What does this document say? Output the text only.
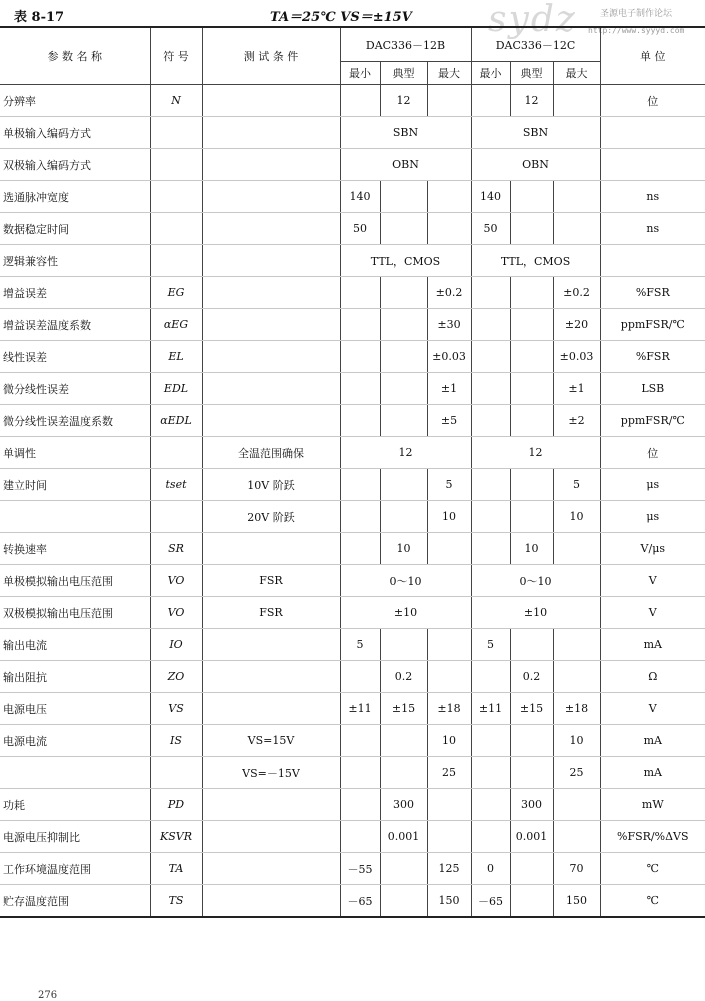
表 8-17	TA＝25℃ VS＝±15V sydz	圣源电子制作论坛
http://www.syyyd.com
参 数 名 称	符 号	测 试 条 件	DAC336－12B			DAC336－12C			单 位
			最小	典型	最大	最小	典型	最大	
分辨率	N			12			12		位
单极输入编码方式			SBN			SBN			
双极输入编码方式			OBN			OBN			
选通脉冲宽度			140			140			ns
数据稳定时间			50			50			ns
逻辑兼容性			TTL，CMOS			TTL，CMOS			
增益误差	EG				±0.2			±0.2	%FSR
增益误差温度系数	αEG				±30			±20	ppmFSR/℃
线性误差	EL				±0.03			±0.03	%FSR
微分线性误差	EDL				±1			±1	LSB
微分线性误差温度系数	αEDL				±5			±2	ppmFSR/℃
单调性		全温范围确保	12			12			位
建立时间	tset	10V 阶跃			5			5	μs
		20V 阶跃			10			10	μs
转换速率	SR			10			10		V/μs
单极模拟输出电压范围	VO	FSR	0～10			0～10			V
双极模拟输出电压范围	VO	FSR	±10			±10			V
输出电流	IO		5			5			mA
输出阻抗	ZO			0.2			0.2		Ω
电源电压	VS		±11	±15	±18	±11	±15	±18	V
电源电流	IS	VS=15V			10			10	mA
		VS=－15V			25			25	mA
功耗	PD			300			300		mW
电源电压抑制比	KSVR			0.001			0.001		%FSR/%ΔVS
工作环境温度范围	TA		－55		125	0		70	℃
贮存温度范围	TS		－65		150	－65		150	℃
276
